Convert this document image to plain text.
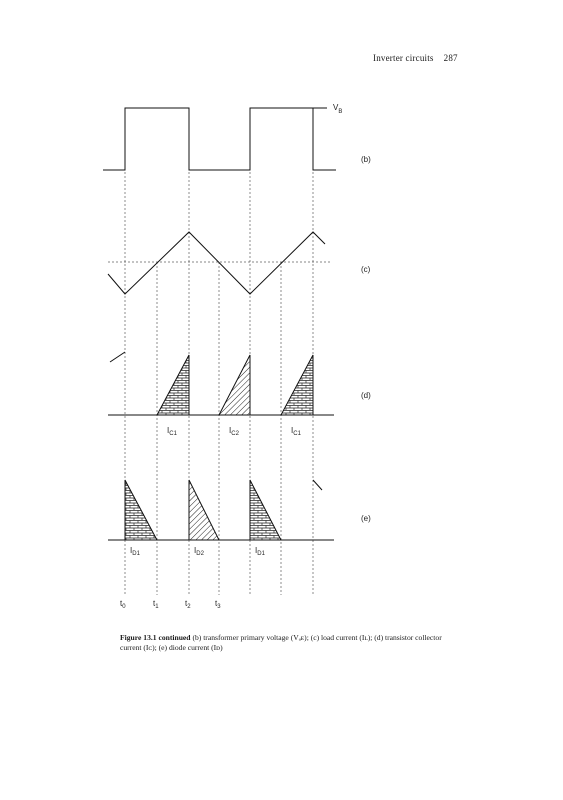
Inverter circuits 287
$V_B$
(b)
(c)
(d)
(e)
$I_{C1}$	$I_{C2}$	$I_{C1}$
$I_{D1}$	$I_{D2}$	$I_{D1}$
$t_0$	$t_1$	$t_2$	$t_3$
Figure 13.1 continued (b) transformer primary voltage (Vₐᴇ); (c) load current (Iʟ); (d) transistor collector current (Iᴄ); (e) diode current (Iᴅ)
